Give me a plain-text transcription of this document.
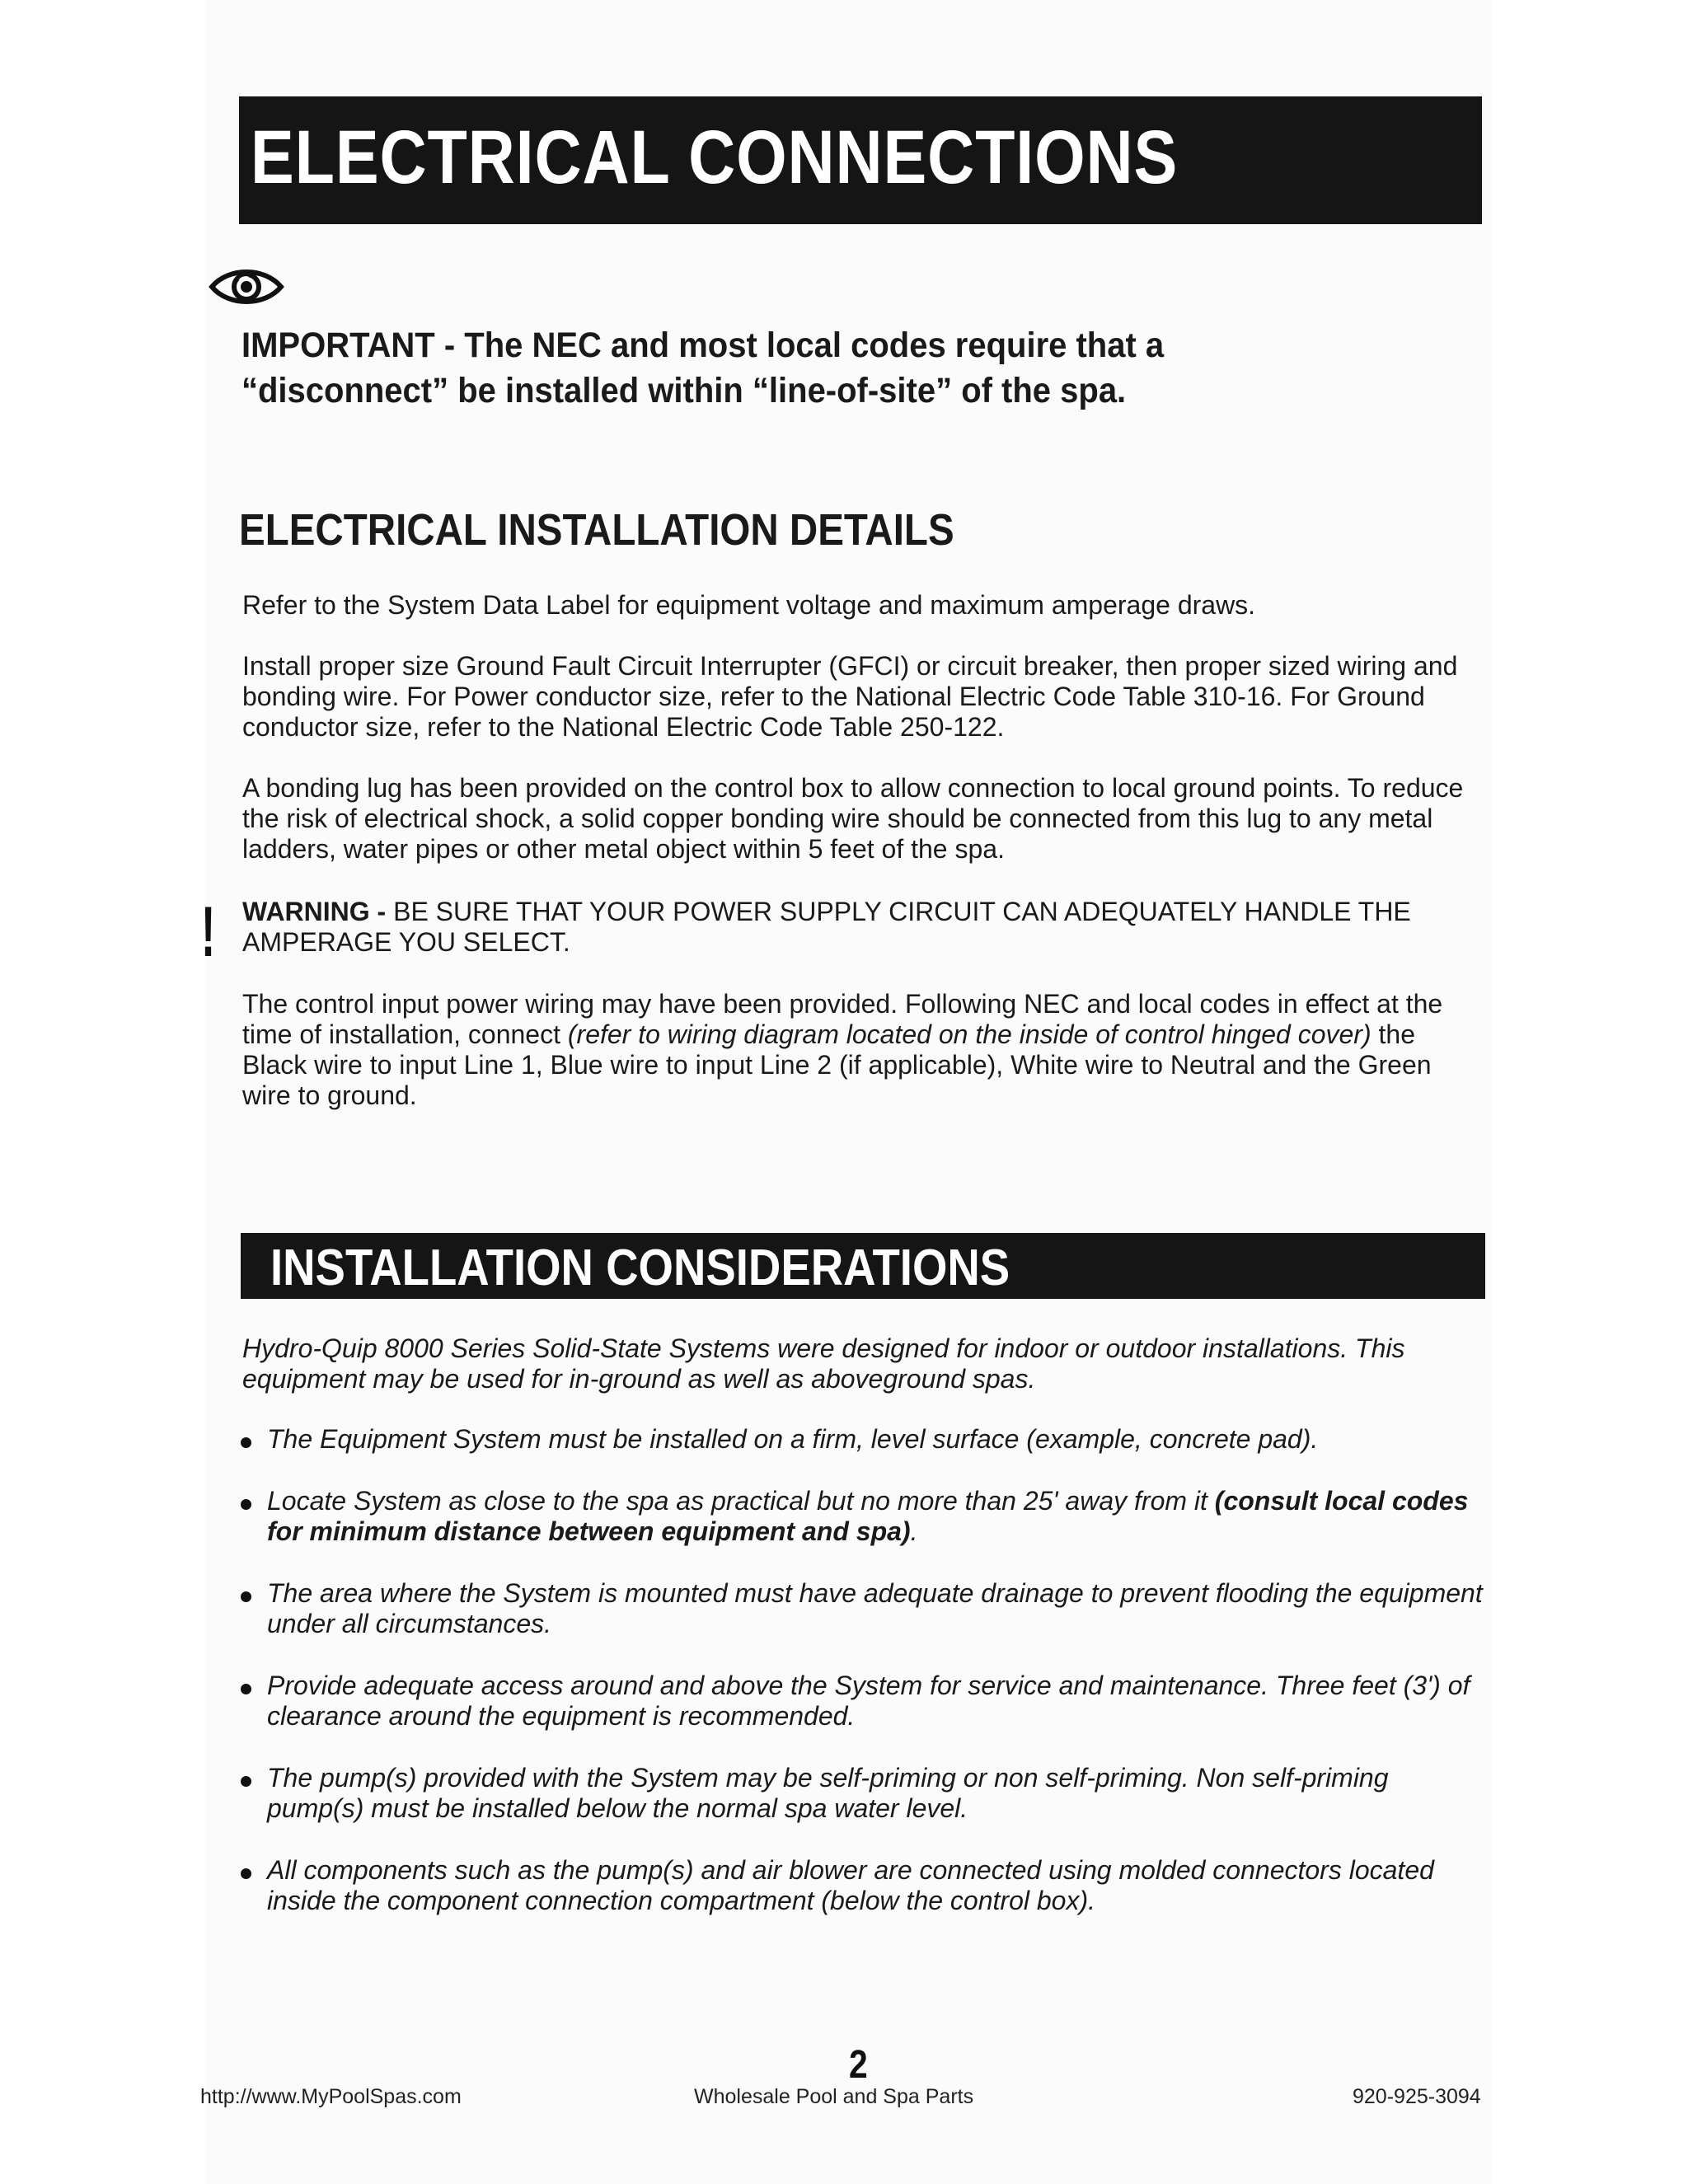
ELECTRICAL CONNECTIONS
IMPORTANT - The NEC and most local codes require that a “disconnect” be installed within “line-of-site” of the spa.
ELECTRICAL INSTALLATION DETAILS
Refer to the System Data Label for equipment voltage and maximum amperage draws.
Install proper size Ground Fault Circuit Interrupter (GFCI) or circuit breaker, then proper sized wiring and bonding wire. For Power conductor size, refer to the National Electric Code Table 310-16. For Ground conductor size, refer to the National Electric Code Table 250-122.
A bonding lug has been provided on the control box to allow connection to local ground points. To reduce the risk of electrical shock, a solid copper bonding wire should be connected from this lug to any metal ladders, water pipes or other metal object within 5 feet of the spa.
! WARNING - BE SURE THAT YOUR POWER SUPPLY CIRCUIT CAN ADEQUATELY HANDLE THE AMPERAGE YOU SELECT.
The control input power wiring may have been provided. Following NEC and local codes in effect at the time of installation, connect (refer to wiring diagram located on the inside of control hinged cover) the Black wire to input Line 1, Blue wire to input Line 2 (if applicable), White wire to Neutral and the Green wire to ground.
INSTALLATION CONSIDERATIONS
Hydro-Quip 8000 Series Solid-State Systems were designed for indoor or outdoor installations. This equipment may be used for in-ground as well as aboveground spas.
The Equipment System must be installed on a firm, level surface (example, concrete pad).
Locate System as close to the spa as practical but no more than 25' away from it (consult local codes for minimum distance between equipment and spa).
The area where the System is mounted must have adequate drainage to prevent flooding the equipment under all circumstances.
Provide adequate access around and above the System for service and maintenance. Three feet (3') of clearance around the equipment is recommended.
The pump(s) provided with the System may be self-priming or non self-priming. Non self-priming pump(s) must be installed below the normal spa water level.
All components such as the pump(s) and air blower are connected using molded connectors located inside the component connection compartment (below the control box).
2
http://www.MyPoolSpas.com	Wholesale Pool and Spa Parts	920-925-3094
